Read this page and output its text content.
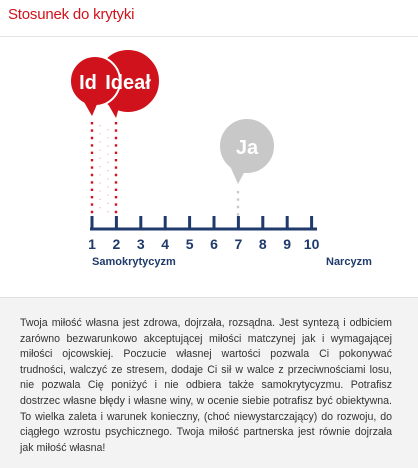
Stosunek do krytyki
Id Ideał
Ja
1 2 3 4 5 6 7 8 9 10
Samokrytycyzm	Narcyzm
Twoja miłość własna jest zdrowa, dojrzała, rozsądna. Jest syntezą i odbiciem zarówno bezwarunkowo akceptującej miłości matczynej jak i wymagającej miłości ojcowskiej. Poczucie własnej wartości pozwala Ci pokonywać trudności, walczyć ze stresem, dodaje Ci sił w walce z przeciwnościami losu, nie pozwala Cię poniżyć i nie odbiera także samokrytycyzmu. Potrafisz dostrzec własne błędy i własne winy, w ocenie siebie potrafisz być obiektywna. To wielka zaleta i warunek konieczny, (choć niewystarczający) do rozwoju, do ciągłego wzrostu psychicznego. Twoja miłość partnerska jest równie dojrzała jak miłość własna!
